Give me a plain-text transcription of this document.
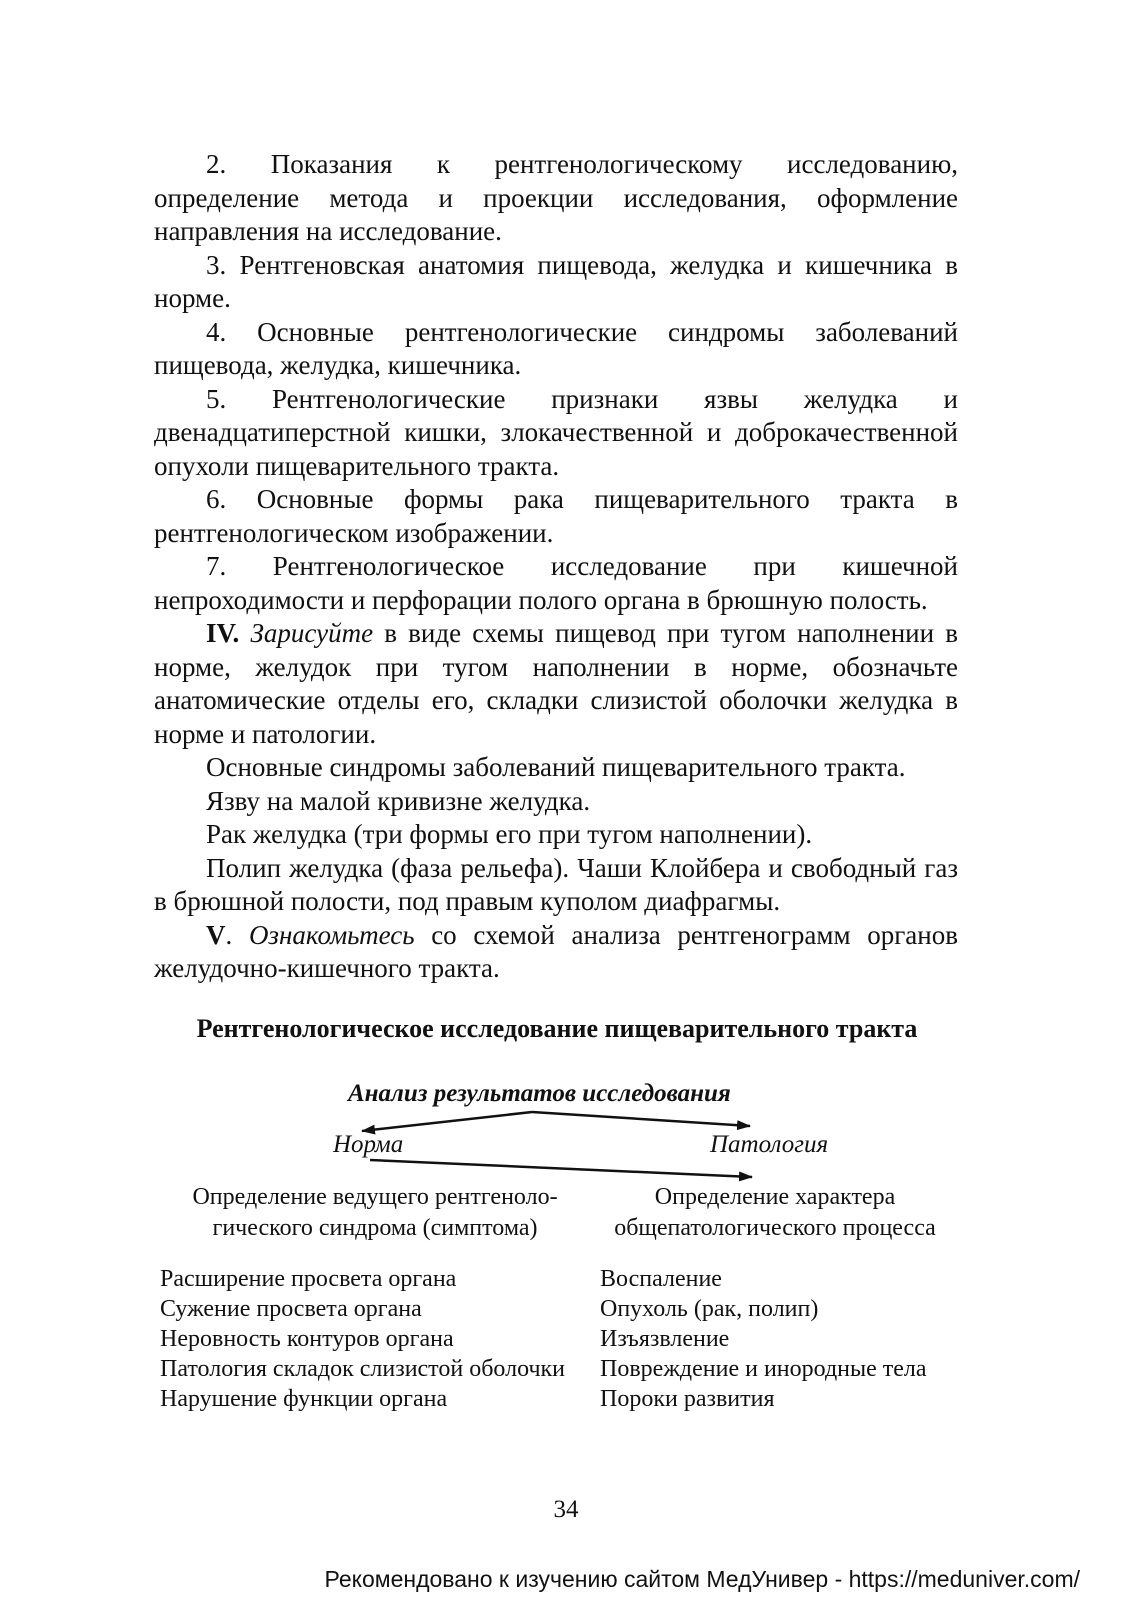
2. Показания к рентгенологическому исследованию, определение метода и проекции исследования, оформление направления на исследование.

3. Рентгеновская анатомия пищевода, желудка и кишечника в норме.

4. Основные рентгенологические синдромы заболеваний пищевода, желудка, кишечника.

5. Рентгенологические признаки язвы желудка и двенадцатиперстной кишки, злокачественной и доброкачественной опухоли пищеварительного тракта.

6. Основные формы рака пищеварительного тракта в рентгенологическом изображении.

7. Рентгенологическое исследование при кишечной непроходимости и перфорации полого органа в брюшную полость.

IV. Зарисуйте в виде схемы пищевод при тугом наполнении в норме, желудок при тугом наполнении в норме, обозначьте анатомические отделы его, складки слизистой оболочки желудка в норме и патологии.

Основные синдромы заболеваний пищеварительного тракта.

Язву на малой кривизне желудка.

Рак желудка (три формы его при тугом наполнении).

Полип желудка (фаза рельефа). Чаши Клойбера и свободный газ в брюшной полости, под правым куполом диафрагмы.

V. Ознакомьтесь со схемой анализа рентгенограмм органов желудочно-кишечного тракта.

Рентгенологическое исследование пищеварительного тракта
Анализ результатов исследования
Норма	Патология
Определение ведущего рентгеноло-
гического синдрома (симптома)
Определение характера
общепатологического процесса
Расширение просвета органа
Сужение просвета органа
Неровность контуров органа
Патология складок слизистой оболочки
Нарушение функции органа
Воспаление
Опухоль (рак, полип)
Изъязвление
Повреждение и инородные тела
Пороки развития
34
Рекомендовано к изучению сайтом МедУнивер - https://meduniver.com/
